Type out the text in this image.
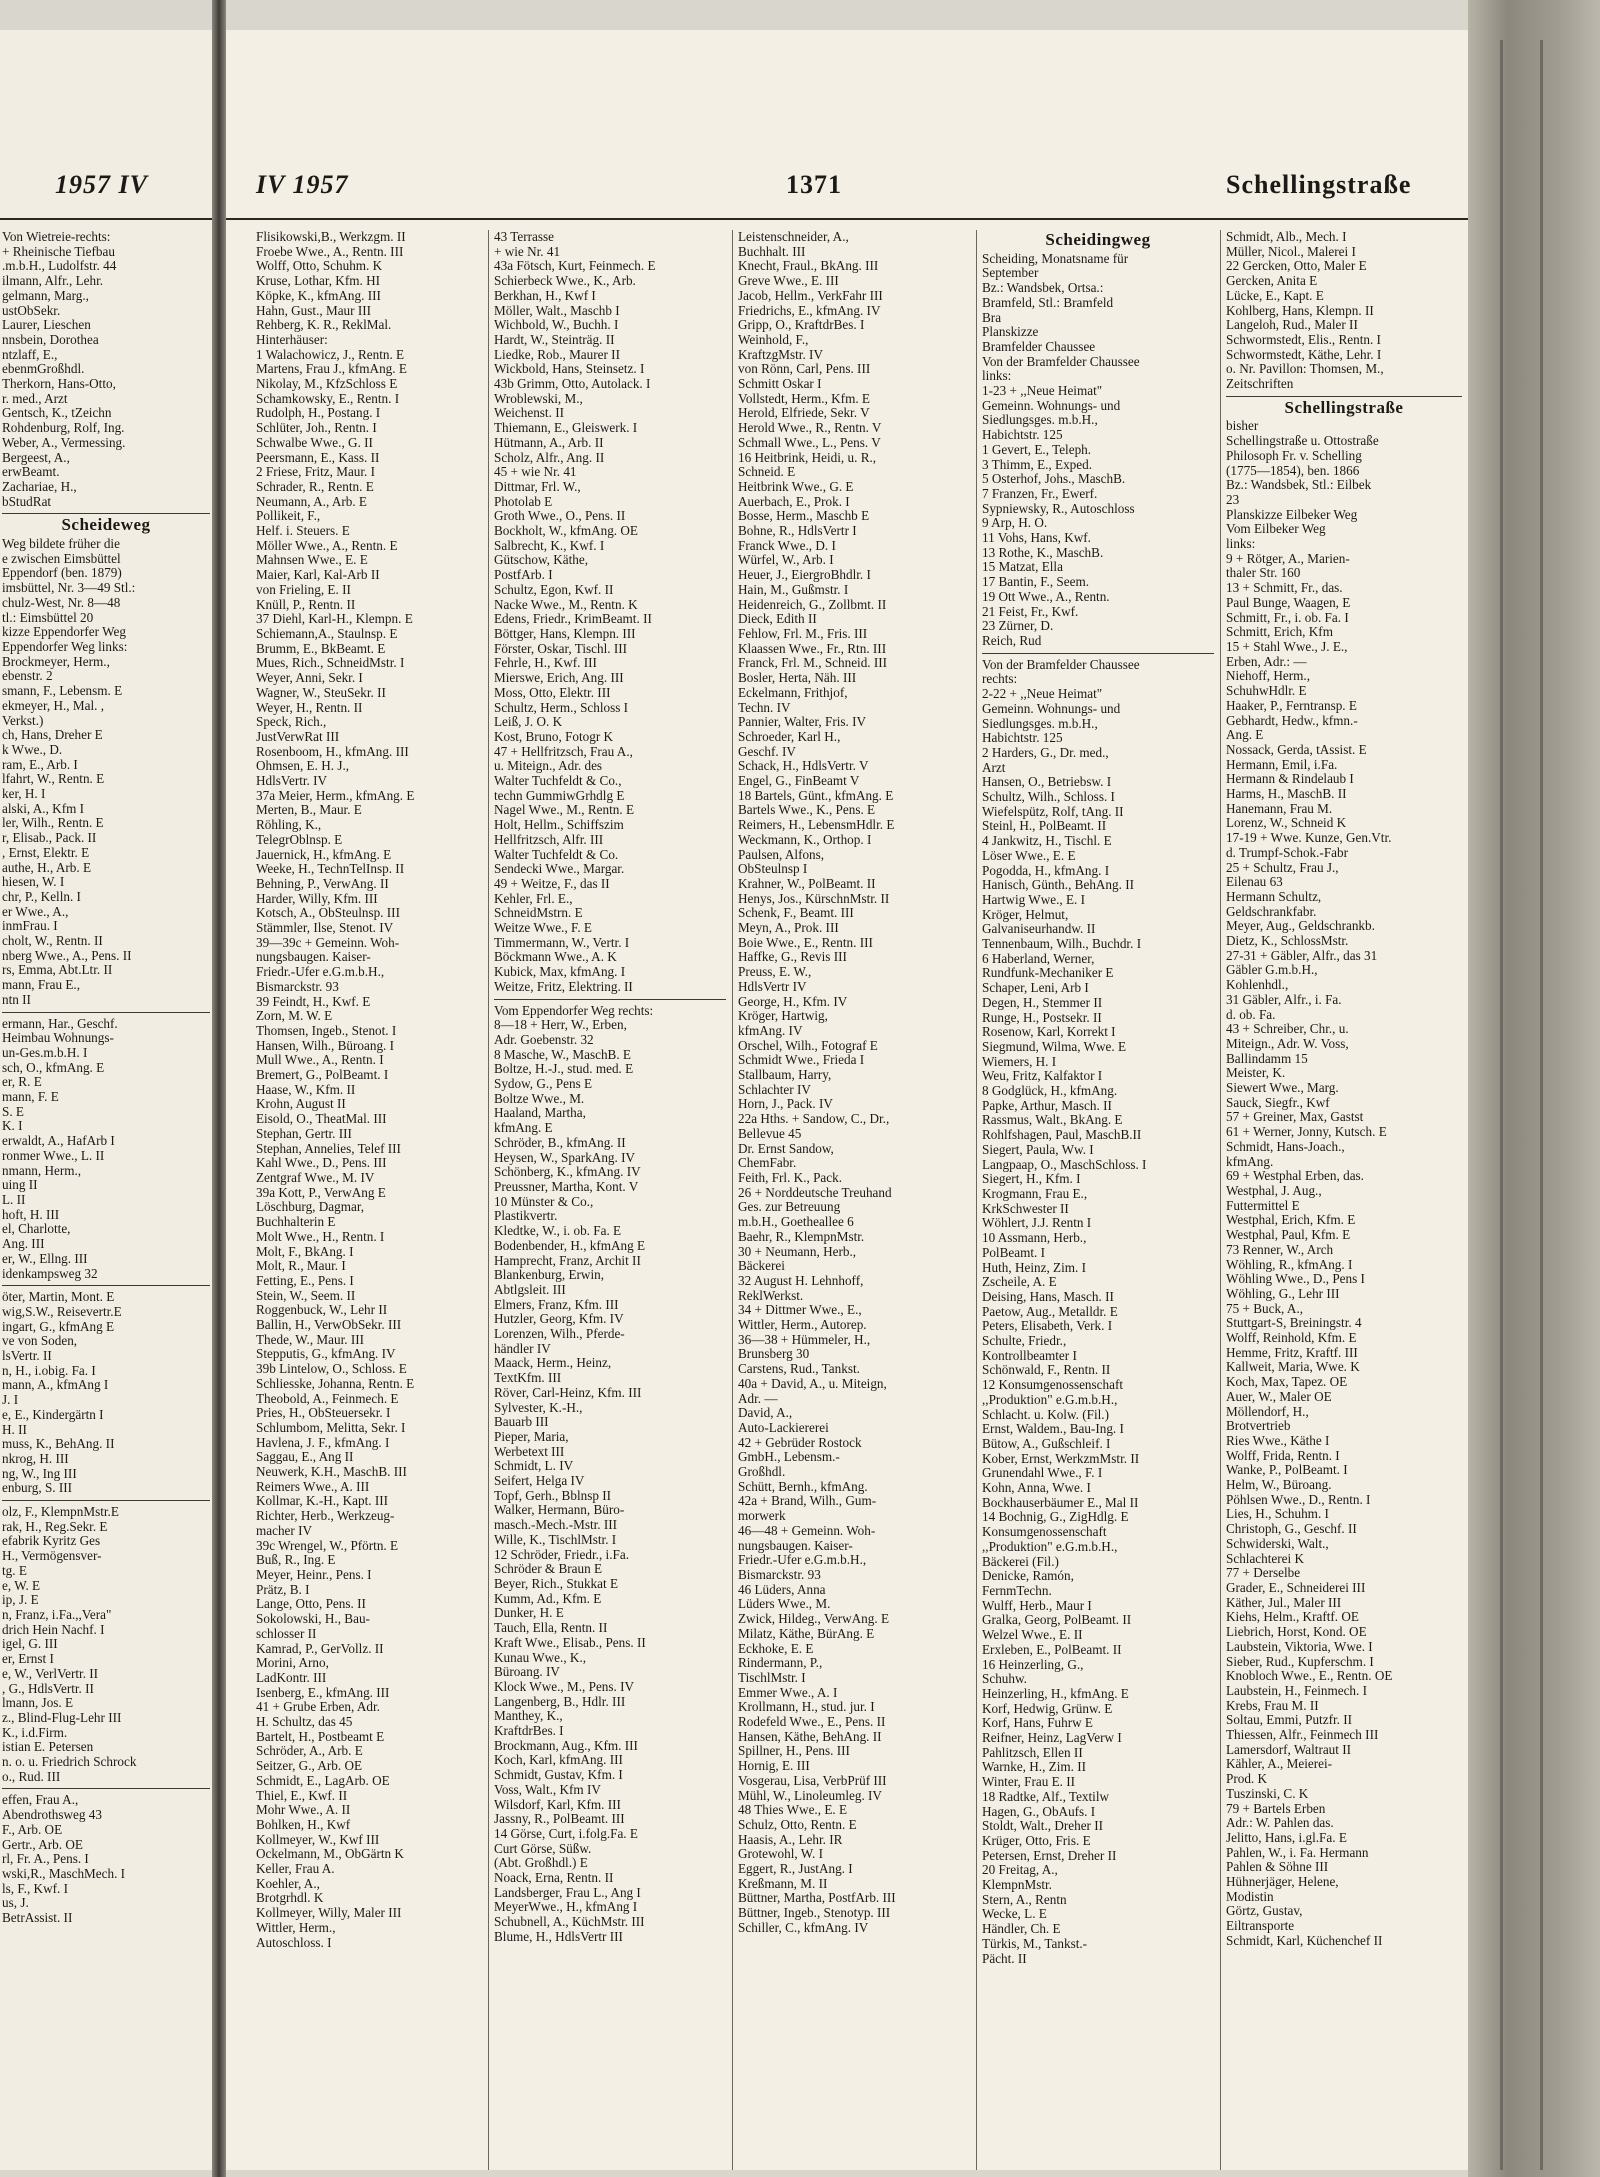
1957 IV
Von Wietreie-rechts:
+ Rheinische Tiefbau
.m.b.H., Ludolfstr. 44
ilmann, Alfr., Lehr.
gelmann, Marg.,
ustObSekr.
Laurer, Lieschen
nnsbein, Dorothea
ntzlaff, E.,
ebenmGroßhdl.
Therkorn, Hans-Otto,
r. med., Arzt
Gentsch, K., tZeichn
Rohdenburg, Rolf, Ing.
Weber, A., Vermessing.
Bergeest, A.,
erwBeamt.
Zachariae, H.,
bStudRat
Scheideweg
Weg bildete früher die
e zwischen Eimsbüttel
Eppendorf (ben. 1879)
imsbüttel, Nr. 3—49 Stl.:
chulz-West, Nr. 8—48
tl.: Eimsbüttel 20
kizze Eppendorfer Weg
Eppendorfer Weg links:
Brockmeyer, Herm.,
ebenstr. 2
smann, F., Lebensm. E
ekmeyer, H., Mal. ,
Verkst.)
ch, Hans, Dreher E
k Wwe., D.
ram, E., Arb. I
lfahrt, W., Rentn. E
ker, H. I
alski, A., Kfm I
ler, Wilh., Rentn. E
r, Elisab., Pack. II
, Ernst, Elektr. E
authe, H., Arb. E
hiesen, W. I
chr, P., Kelln. I
er Wwe., A.,
inmFrau. I
cholt, W., Rentn. II
nberg Wwe., A., Pens. II
rs, Emma, Abt.Ltr. II
mann, Frau E.,
ntn II
ermann, Har., Geschf.
Heimbau Wohnungs-
un-Ges.m.b.H. I
sch, O., kfmAng. E
er, R. E
mann, F. E
S. E
K. I
erwaldt, A., HafArb I
ronmer Wwe., L. II
nmann, Herm.,
uing II
L. II
hoft, H. III
el, Charlotte,
Ang. III
er, W., Ellng. III
idenkampsweg 32
öter, Martin, Mont. E
wig,S.W., Reisevertr.E
ingart, G., kfmAng E
ve von Soden,
lsVertr. II
n, H., i.obig. Fa. I
mann, A., kfmAng I
J. I
e, E., Kindergärtn I
H. II
muss, K., BehAng. II
nkrog, H. III
ng, W., Ing III
enburg, S. III
olz, F., KlempnMstr.E
rak, H., Reg.Sekr. E
efabrik Kyritz Ges
H., Vermögensver-
tg. E
e, W. E
ip, J. E
n, Franz, i.Fa.,,Vera"
drich Hein Nachf. I
igel, G. III
er, Ernst I
e, W., VerlVertr. II
, G., HdlsVertr. II
lmann, Jos. E
z., Blind-Flug-Lehr III
K., i.d.Firm.
istian E. Petersen
n. o. u. Friedrich Schrock
o., Rud. III
effen, Frau A.,
Abendrothsweg 43
F., Arb. OE
Gertr., Arb. OE
rl, Fr. A., Pens. I
wski,R., MaschMech. I
ls, F., Kwf. I
us, J.
BetrAssist. II
IV 1957	1371	Schellingstraße
Flisikowski,B., Werkzgm. II
Froebe Wwe., A., Rentn. III
Wolff, Otto, Schuhm. K
Kruse, Lothar, Kfm. HI
Köpke, K., kfmAng. III
Hahn, Gust., Maur III
Rehberg, K. R., ReklMal.
Hinterhäuser:
1 Walachowicz, J., Rentn. E
Martens, Frau J., kfmAng. E
Nikolay, M., KfzSchloss E
Schamkowsky, E., Rentn. I
Rudolph, H., Postang. I
Schlüter, Joh., Rentn. I
Schwalbe Wwe., G. II
Peersmann, E., Kass. II
2 Friese, Fritz, Maur. I
Schrader, R., Rentn. E
Neumann, A., Arb. E
Pollikeit, F.,
Helf. i. Steuers. E
Möller Wwe., A., Rentn. E
Mahnsen Wwe., E. E
Maier, Karl, Kal-Arb II
von Frieling, E. II
Knüll, P., Rentn. II
37 Diehl, Karl-H., Klempn. E
Schiemann,A., Staulnsp. E
Brumm, E., BkBeamt. E
Mues, Rich., SchneidMstr. I
Weyer, Anni, Sekr. I
Wagner, W., SteuSekr. II
Weyer, H., Rentn. II
Speck, Rich.,
JustVerwRat III
Rosenboom, H., kfmAng. III
Ohmsen, E. H. J.,
HdlsVertr. IV
37a Meier, Herm., kfmAng. E
Merten, B., Maur. E
Röhling, K.,
TelegrOblnsp. E
Jauernick, H., kfmAng. E
Weeke, H., TechnTelInsp. II
Behning, P., VerwAng. II
Harder, Willy, Kfm. III
Kotsch, A., ObSteulnsp. III
Stämmler, Ilse, Stenot. IV
39—39c + Gemeinn. Woh-
nungsbaugen. Kaiser-
Friedr.-Ufer e.G.m.b.H.,
Bismarckstr. 93
39 Feindt, H., Kwf. E
Zorn, M. W. E
Thomsen, Ingeb., Stenot. I
Hansen, Wilh., Büroang. I
Mull Wwe., A., Rentn. I
Bremert, G., PolBeamt. I
Haase, W., Kfm. II
Krohn, August II
Eisold, O., TheatMal. III
Stephan, Gertr. III
Stephan, Annelies, Telef III
Kahl Wwe., D., Pens. III
Zentgraf Wwe., M. IV
39a Kott, P., VerwAng E
Löschburg, Dagmar,
Buchhalterin E
Molt Wwe., H., Rentn. I
Molt, F., BkAng. I
Molt, R., Maur. I
Fetting, E., Pens. I
Stein, W., Seem. II
Roggenbuck, W., Lehr II
Ballin, H., VerwObSekr. III
Thede, W., Maur. III
Stepputis, G., kfmAng. IV
39b Lintelow, O., Schloss. E
Schliesske, Johanna, Rentn. E
Theobold, A., Feinmech. E
Pries, H., ObSteuersekr. I
Schlumbom, Melitta, Sekr. I
Havlena, J. F., kfmAng. I
Saggau, E., Ang II
Neuwerk, K.H., MaschB. III
Reimers Wwe., A. III
Kollmar, K.-H., Kapt. III
Richter, Herb., Werkzeug-
macher IV
39c Wrengel, W., Pförtn. E
Buß, R., Ing. E
Meyer, Heinr., Pens. I
Prätz, B. I
Lange, Otto, Pens. II
Sokolowski, H., Bau-
schlosser II
Kamrad, P., GerVollz. II
Morini, Arno,
LadKontr. III
Isenberg, E., kfmAng. III
41 + Grube Erben, Adr.
H. Schultz, das 45
Bartelt, H., Postbeamt E
Schröder, A., Arb. E
Seitzer, G., Arb. OE
Schmidt, E., LagArb. OE
Thiel, E., Kwf. II
Mohr Wwe., A. II
Bohlken, H., Kwf
Kollmeyer, W., Kwf III
Ockelmann, M., ObGärtn K
Keller, Frau A.
Koehler, A.,
Brotgrhdl. K
Kollmeyer, Willy, Maler III
Wittler, Herm.,
Autoschloss. I
43 Terrasse
+ wie Nr. 41
43a Fötsch, Kurt, Feinmech. E
Schierbeck Wwe., K., Arb.
Berkhan, H., Kwf I
Möller, Walt., Maschb I
Wichbold, W., Buchh. I
Hardt, W., Steinträg. II
Liedke, Rob., Maurer II
Wickbold, Hans, Steinsetz. I
43b Grimm, Otto, Autolack. I
Wroblewski, M.,
Weichenst. II
Thiemann, E., Gleiswerk. I
Hütmann, A., Arb. II
Scholz, Alfr., Ang. II
45 + wie Nr. 41
Dittmar, Frl. W.,
Photolab E
Groth Wwe., O., Pens. II
Bockholt, W., kfmAng. OE
Salbrecht, K., Kwf. I
Gütschow, Käthe,
PostfArb. I
Schultz, Egon, Kwf. II
Nacke Wwe., M., Rentn. K
Edens, Friedr., KrimBeamt. II
Böttger, Hans, Klempn. III
Förster, Oskar, Tischl. III
Fehrle, H., Kwf. III
Mierswe, Erich, Ang. III
Moss, Otto, Elektr. III
Schultz, Herm., Schloss I
Leiß, J. O. K
Kost, Bruno, Fotogr K
47 + Hellfritzsch, Frau A.,
u. Miteign., Adr. des
Walter Tuchfeldt & Co.,
techn GummiwGrhdlg E
Nagel Wwe., M., Rentn. E
Holt, Hellm., Schiffszim
Hellfritzsch, Alfr. III
Walter Tuchfeldt & Co.
Sendecki Wwe., Margar.
49 + Weitze, F., das II
Kehler, Frl. E.,
SchneidMstrn. E
Weitze Wwe., F. E
Timmermann, W., Vertr. I
Böckmann Wwe., A. K
Kubick, Max, kfmAng. I
Weitze, Fritz, Elektring. II
Vom Eppendorfer Weg rechts:
8—18 + Herr, W., Erben,
Adr. Goebenstr. 32
8 Masche, W., MaschB. E
Boltze, H.-J., stud. med. E
Sydow, G., Pens E
Boltze Wwe., M.
Haaland, Martha,
kfmAng. E
Schröder, B., kfmAng. II
Heysen, W., SparkAng. IV
Schönberg, K., kfmAng. IV
Preussner, Martha, Kont. V
10 Münster & Co.,
Plastikvertr.
Kledtke, W., i. ob. Fa. E
Bodenbender, H., kfmAng E
Hamprecht, Franz, Archit II
Blankenburg, Erwin,
Abtlgsleit. III
Elmers, Franz, Kfm. III
Hutzler, Georg, Kfm. IV
Lorenzen, Wilh., Pferde-
händler IV
Maack, Herm., Heinz,
TextKfm. III
Röver, Carl-Heinz, Kfm. III
Sylvester, K.-H.,
Bauarb III
Pieper, Maria,
Werbetext III
Schmidt, L. IV
Seifert, Helga IV
Topf, Gerh., Bblnsp II
Walker, Hermann, Büro-
masch.-Mech.-Mstr. III
Wille, K., TischlMstr. I
12 Schröder, Friedr., i.Fa.
Schröder & Braun E
Beyer, Rich., Stukkat E
Kumm, Ad., Kfm. E
Dunker, H. E
Tauch, Ella, Rentn. II
Kraft Wwe., Elisab., Pens. II
Kunau Wwe., K.,
Büroang. IV
Klock Wwe., M., Pens. IV
Langenberg, B., Hdlr. III
Manthey, K.,
KraftdrBes. I
Brockmann, Aug., Kfm. III
Koch, Karl, kfmAng. III
Schmidt, Gustav, Kfm. I
Voss, Walt., Kfm IV
Wilsdorf, Karl, Kfm. III
Jassny, R., PolBeamt. III
14 Görse, Curt, i.folg.Fa. E
Curt Görse, Süßw.
(Abt. Großhdl.) E
Noack, Erna, Rentn. II
Landsberger, Frau L., Ang I
MeyerWwe., H., kfmAng I
Schubnell, A., KüchMstr. III
Blume, H., HdlsVertr III
Leistenschneider, A.,
Buchhalt. III
Knecht, Fraul., BkAng. III
Greve Wwe., E. III
Jacob, Hellm., VerkFahr III
Friedrichs, E., kfmAng. IV
Gripp, O., KraftdrBes. I
Weinhold, F.,
KraftzgMstr. IV
von Rönn, Carl, Pens. III
Schmitt Oskar I
Vollstedt, Herm., Kfm. E
Herold, Elfriede, Sekr. V
Herold Wwe., R., Rentn. V
Schmall Wwe., L., Pens. V
16 Heitbrink, Heidi, u. R.,
Schneid. E
Heitbrink Wwe., G. E
Auerbach, E., Prok. I
Bosse, Herm., Maschb E
Bohne, R., HdlsVertr I
Franck Wwe., D. I
Würfel, W., Arb. I
Heuer, J., EiergroBhdlr. I
Hain, M., Gußmstr. I
Heidenreich, G., Zollbmt. II
Dieck, Edith II
Fehlow, Frl. M., Fris. III
Klaassen Wwe., Fr., Rtn. III
Franck, Frl. M., Schneid. III
Bosler, Herta, Näh. III
Eckelmann, Frithjof,
Techn. IV
Pannier, Walter, Fris. IV
Schroeder, Karl H.,
Geschf. IV
Schack, H., HdlsVertr. V
Engel, G., FinBeamt V
18 Bartels, Günt., kfmAng. E
Bartels Wwe., K., Pens. E
Reimers, H., LebensmHdlr. E
Weckmann, K., Orthop. I
Paulsen, Alfons,
ObSteulnsp I
Krahner, W., PolBeamt. II
Henys, Jos., KürschnMstr. II
Schenk, F., Beamt. III
Meyn, A., Prok. III
Boie Wwe., E., Rentn. III
Haffke, G., Revis III
Preuss, E. W.,
HdlsVertr IV
George, H., Kfm. IV
Kröger, Hartwig,
kfmAng. IV
Orschel, Wilh., Fotograf E
Schmidt Wwe., Frieda I
Stallbaum, Harry,
Schlachter IV
Horn, J., Pack. IV
22a Hths. + Sandow, C., Dr.,
Bellevue 45
Dr. Ernst Sandow,
ChemFabr.
Feith, Frl. K., Pack.
26 + Norddeutsche Treuhand
Ges. zur Betreuung
m.b.H., Goetheallee 6
Baehr, R., KlempnMstr.
30 + Neumann, Herb.,
Bäckerei
32 August H. Lehnhoff,
ReklWerkst.
34 + Dittmer Wwe., E.,
Wittler, Herm., Autorep.
36—38 + Hümmeler, H.,
Brunsberg 30
Carstens, Rud., Tankst.
40a + David, A., u. Miteign,
Adr. —
David, A.,
Auto-Lackiererei
42 + Gebrüder Rostock
GmbH., Lebensm.-
Großhdl.
Schütt, Bernh., kfmAng.
42a + Brand, Wilh., Gum-
morwerk
46—48 + Gemeinn. Woh-
nungsbaugen. Kaiser-
Friedr.-Ufer e.G.m.b.H.,
Bismarckstr. 93
46 Lüders, Anna
Lüders Wwe., M.
Zwick, Hildeg., VerwAng. E
Milatz, Käthe, BürAng. E
Eckhoke, E. E
Rindermann, P.,
TischlMstr. I
Emmer Wwe., A. I
Krollmann, H., stud. jur. I
Rodefeld Wwe., E., Pens. II
Hansen, Käthe, BehAng. II
Spillner, H., Pens. III
Hornig, E. III
Vosgerau, Lisa, VerbPrüf III
Mühl, W., Linoleumleg. IV
48 Thies Wwe., E. E
Schulz, Otto, Rentn. E
Haasis, A., Lehr. IR
Grotewohl, W. I
Eggert, R., JustAng. I
Kreßmann, M. II
Büttner, Martha, PostfArb. III
Büttner, Ingeb., Stenotyp. III
Schiller, C., kfmAng. IV
Scheidingweg
Scheiding, Monatsname für
September
Bz.: Wandsbek, Ortsa.:
Bramfeld, Stl.: Bramfeld
Bra
Planskizze
Bramfelder Chaussee
Von der Bramfelder Chaussee
links:
1-23 + ,,Neue Heimat"
Gemeinn. Wohnungs- und
Siedlungsges. m.b.H.,
Habichtstr. 125
1 Gevert, E., Teleph.
3 Thimm, E., Exped.
5 Osterhof, Johs., MaschB.
7 Franzen, Fr., Ewerf.
Sypniewsky, R., Autoschloss
9 Arp, H. O.
11 Vohs, Hans, Kwf.
13 Rothe, K., MaschB.
15 Matzat, Ella
17 Bantin, F., Seem.
19 Ott Wwe., A., Rentn.
21 Feist, Fr., Kwf.
23 Zürner, D.
Reich, Rud
Von der Bramfelder Chaussee
rechts:
2-22 + ,,Neue Heimat"
Gemeinn. Wohnungs- und
Siedlungsges. m.b.H.,
Habichtstr. 125
2 Harders, G., Dr. med.,
Arzt
Hansen, O., Betriebsw. I
Schultz, Wilh., Schloss. I
Wiefelspütz, Rolf, tAng. II
Steinl, H., PolBeamt. II
4 Jankwitz, H., Tischl. E
Löser Wwe., E. E
Pogodda, H., kfmAng. I
Hanisch, Günth., BehAng. II
Hartwig Wwe., E. I
Kröger, Helmut,
Galvaniseurhandw. II
Tennenbaum, Wilh., Buchdr. I
6 Haberland, Werner,
Rundfunk-Mechaniker E
Schaper, Leni, Arb I
Degen, H., Stemmer II
Runge, H., Postsekr. II
Rosenow, Karl, Korrekt I
Siegmund, Wilma, Wwe. E
Wiemers, H. I
Weu, Fritz, Kalfaktor I
8 Godglück, H., kfmAng.
Papke, Arthur, Masch. II
Rassmus, Walt., BkAng. E
Rohlfshagen, Paul, MaschB.II
Siegert, Paula, Ww. I
Langpaap, O., MaschSchloss. I
Siegert, H., Kfm. I
Krogmann, Frau E.,
KrkSchwester II
Wöhlert, J.J. Rentn I
10 Assmann, Herb.,
PolBeamt. I
Huth, Heinz, Zim. I
Zscheile, A. E
Deising, Hans, Masch. II
Paetow, Aug., Metalldr. E
Peters, Elisabeth, Verk. I
Schulte, Friedr.,
Kontrollbeamter I
Schönwald, F., Rentn. II
12 Konsumgenossenschaft
,,Produktion" e.G.m.b.H.,
Schlacht. u. Kolw. (Fil.)
Ernst, Waldem., Bau-Ing. I
Bütow, A., Gußschleif. I
Kober, Ernst, WerkzmMstr. II
Grunendahl Wwe., F. I
Kohn, Anna, Wwe. I
Bockhauserbäumer E., Mal II
14 Bochnig, G., ZigHdlg. E
Konsumgenossenschaft
,,Produktion" e.G.m.b.H.,
Bäckerei (Fil.)
Denicke, Ramón,
FernmTechn.
Wulff, Herb., Maur I
Gralka, Georg, PolBeamt. II
Welzel Wwe., E. II
Erxleben, E., PolBeamt. II
16 Heinzerling, G.,
Schuhw.
Heinzerling, H., kfmAng. E
Korf, Hedwig, Grünw. E
Korf, Hans, Fuhrw E
Reifner, Heinz, LagVerw I
Pahlitzsch, Ellen II
Warnke, H., Zim. II
Winter, Frau E. II
18 Radtke, Alf., Textilw
Hagen, G., ObAufs. I
Stoldt, Walt., Dreher II
Krüger, Otto, Fris. E
Petersen, Ernst, Dreher II
20 Freitag, A.,
KlempnMstr.
Stern, A., Rentn
Wecke, L. E
Händler, Ch. E
Türkis, M., Tankst.-
Pächt. II
Schmidt, Alb., Mech. I
Müller, Nicol., Malerei I
22 Gercken, Otto, Maler E
Gercken, Anita E
Lücke, E., Kapt. E
Kohlberg, Hans, Klempn. II
Langeloh, Rud., Maler II
Schwormstedt, Elis., Rentn. I
Schwormstedt, Käthe, Lehr. I
o. Nr. Pavillon: Thomsen, M.,
Zeitschriften
Schellingstraße
bisher
Schellingstraße u. Ottostraße
Philosoph Fr. v. Schelling
(1775—1854), ben. 1866
Bz.: Wandsbek, Stl.: Eilbek
23
Planskizze Eilbeker Weg
Vom Eilbeker Weg
links:
9 + Rötger, A., Marien-
thaler Str. 160
13 + Schmitt, Fr., das.
Paul Bunge, Waagen, E
Schmitt, Fr., i. ob. Fa. I
Schmitt, Erich, Kfm
15 + Stahl Wwe., J. E.,
Erben, Adr.: —
Niehoff, Herm.,
SchuhwHdlr. E
Haaker, P., Ferntransp. E
Gebhardt, Hedw., kfmn.-
Ang. E
Nossack, Gerda, tAssist. E
Hermann, Emil, i.Fa.
Hermann & Rindelaub I
Harms, H., MaschB. II
Hanemann, Frau M.
Lorenz, W., Schneid K
17-19 + Wwe. Kunze, Gen.Vtr.
d. Trumpf-Schok.-Fabr
25 + Schultz, Frau J.,
Eilenau 63
Hermann Schultz,
Geldschrankfabr.
Meyer, Aug., Geldschrankb.
Dietz, K., SchlossMstr.
27-31 + Gäbler, Alfr., das 31
Gäbler G.m.b.H.,
Kohlenhdl.,
31 Gäbler, Alfr., i. Fa.
d. ob. Fa.
43 + Schreiber, Chr., u.
Miteign., Adr. W. Voss,
Ballindamm 15
Meister, K.
Siewert Wwe., Marg.
Sauck, Siegfr., Kwf
57 + Greiner, Max, Gastst
61 + Werner, Jonny, Kutsch. E
Schmidt, Hans-Joach.,
kfmAng.
69 + Westphal Erben, das.
Westphal, J. Aug.,
Futtermittel E
Westphal, Erich, Kfm. E
Westphal, Paul, Kfm. E
73 Renner, W., Arch
Wöhling, R., kfmAng. I
Wöhling Wwe., D., Pens I
Wöhling, G., Lehr III
75 + Buck, A.,
Stuttgart-S, Breiningstr. 4
Wolff, Reinhold, Kfm. E
Hemme, Fritz, Kraftf. III
Kallweit, Maria, Wwe. K
Koch, Max, Tapez. OE
Auer, W., Maler OE
Möllendorf, H.,
Brotvertrieb
Ries Wwe., Käthe I
Wolff, Frida, Rentn. I
Wanke, P., PolBeamt. I
Helm, W., Büroang.
Pöhlsen Wwe., D., Rentn. I
Lies, H., Schuhm. I
Christoph, G., Geschf. II
Schwiderski, Walt.,
Schlachterei K
77 + Derselbe
Grader, E., Schneiderei III
Käther, Jul., Maler III
Kiehs, Helm., Kraftf. OE
Liebrich, Horst, Kond. OE
Laubstein, Viktoria, Wwe. I
Sieber, Rud., Kupferschm. I
Knobloch Wwe., E., Rentn. OE
Laubstein, H., Feinmech. I
Krebs, Frau M. II
Soltau, Emmi, Putzfr. II
Thiessen, Alfr., Feinmech III
Lamersdorf, Waltraut II
Kähler, A., Meierei-
Prod. K
Tuszinski, C. K
79 + Bartels Erben
Adr.: W. Pahlen das.
Jelitto, Hans, i.gl.Fa. E
Pahlen, W., i. Fa. Hermann
Pahlen & Söhne III
Hühnerjäger, Helene,
Modistin
Görtz, Gustav,
Eiltransporte
Schmidt, Karl, Küchenchef II
